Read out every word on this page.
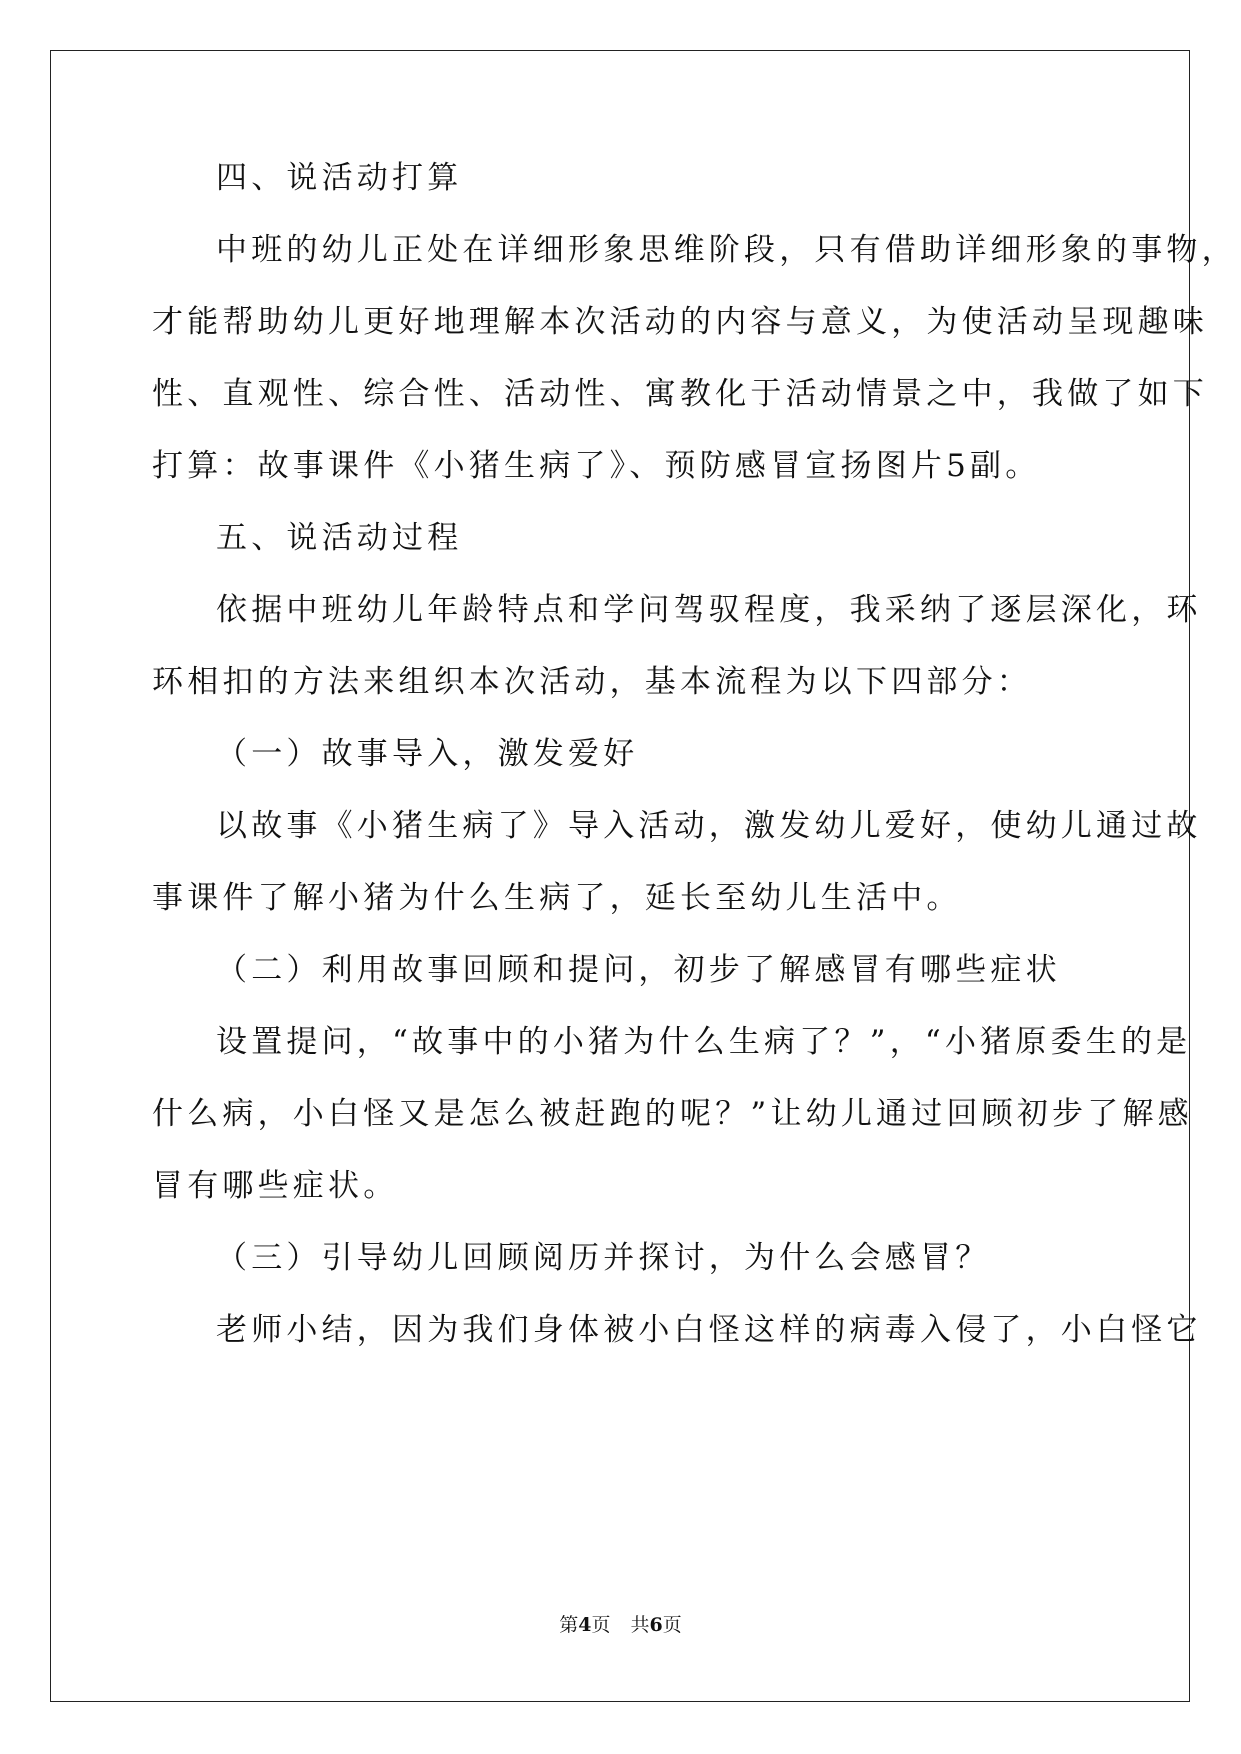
四、说活动打算
中班的幼儿正处在详细形象思维阶段，只有借助详细形象的事物，
才能帮助幼儿更好地理解本次活动的内容与意义，为使活动呈现趣味
性、直观性、综合性、活动性、寓教化于活动情景之中，我做了如下
打算：故事课件《小猪生病了》、预防感冒宣扬图片5副。
五、说活动过程
依据中班幼儿年龄特点和学问驾驭程度，我采纳了逐层深化，环
环相扣的方法来组织本次活动，基本流程为以下四部分：
（一）故事导入，激发爱好
以故事《小猪生病了》导入活动，激发幼儿爱好，使幼儿通过故
事课件了解小猪为什么生病了，延长至幼儿生活中。
（二）利用故事回顾和提问，初步了解感冒有哪些症状
设置提问，“故事中的小猪为什么生病了？”，“小猪原委生的是
什么病，小白怪又是怎么被赶跑的呢？”让幼儿通过回顾初步了解感
冒有哪些症状。
（三）引导幼儿回顾阅历并探讨，为什么会感冒？
老师小结，因为我们身体被小白怪这样的病毒入侵了，小白怪它
第4页 共6页
